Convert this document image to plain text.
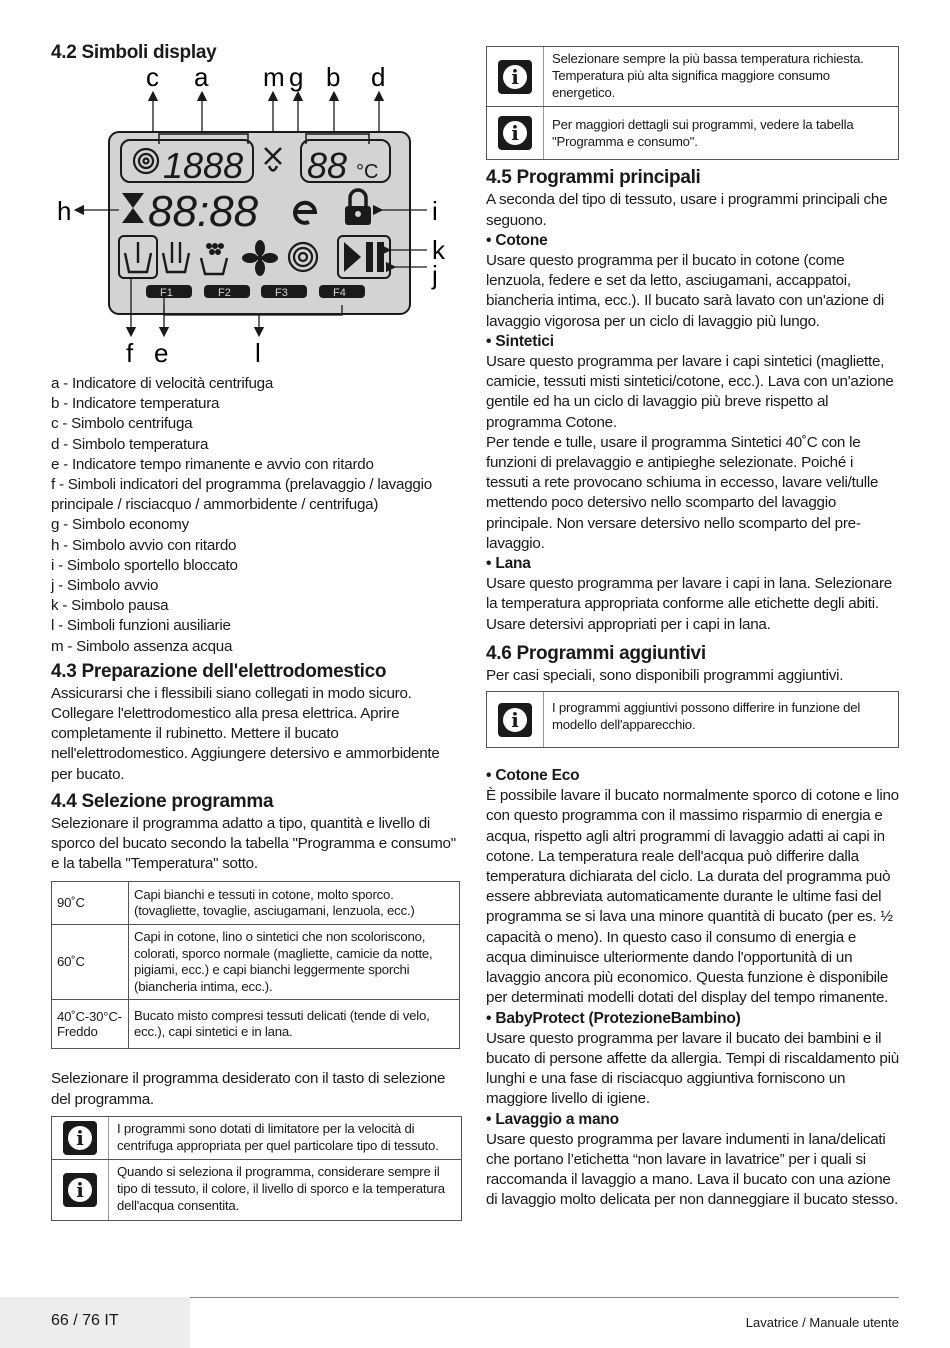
4.2 Simboli display
c a m g b d
1888 88 °C
88:88
F1	F2	F3	F4
h	i
k
j
f e	l

a - Indicatore di velocità centrifuga

b - Indicatore temperatura

c - Simbolo centrifuga

d - Simbolo temperatura

e - Indicatore tempo rimanente e avvio con ritardo

f - Simboli indicatori del programma (prelavaggio / lavaggio principale / risciacquo / ammorbidente / centrifuga)

g - Simbolo economy

h - Simbolo avvio con ritardo

i - Simbolo sportello bloccato

j - Simbolo avvio

k - Simbolo pausa

l - Simboli funzioni ausiliarie

m - Simbolo assenza acqua

4.3 Preparazione dell'elettrodomestico

Assicurarsi che i flessibili siano collegati in modo sicuro. Collegare l'elettrodomestico alla presa elettrica. Aprire completamente il rubinetto. Mettere il bucato nell'elettrodomestico. Aggiungere detersivo e ammorbidente per bucato.

4.4 Selezione programma

Selezionare il programma adatto a tipo, quantità e livello di sporco del bucato secondo la tabella "Programma e consumo" e la tabella "Temperatura" sotto.

90˚C	Capi bianchi e tessuti in cotone, molto sporco. (tovagliette, tovaglie, asciugamani, lenzuola, ecc.)
60˚C	Capi in cotone, lino o sintetici che non scoloriscono, colorati, sporco normale (magliette, camicie da notte, pigiami, ecc.) e capi bianchi leggermente sporchi (biancheria intima, ecc.).
40˚C-30°C-Freddo	Bucato misto compresi tessuti delicati (tende di velo, ecc.), capi sintetici e in lana.

Selezionare il programma desiderato con il tasto di selezione del programma.

i	I programmi sono dotati di limitatore per la velocità di centrifuga appropriata per quel particolare tipo di tessuto.
i
Quando si seleziona il programma, considerare sempre il tipo di tessuto, il colore, il livello di sporco e la temperatura dell'acqua consentita.
i
Selezionare sempre la più bassa temperatura richiesta. Temperatura più alta significa maggiore consumo energetico.
i	Per maggiori dettagli sui programmi, vedere la tabella "Programma e consumo".
4.5 Programmi principali

A seconda del tipo di tessuto, usare i programmi principali che seguono.

• Cotone

Usare questo programma per il bucato in cotone (come lenzuola, federe e set da letto, asciugamani, accappatoi, biancheria intima, ecc.). Il bucato sarà lavato con un'azione di lavaggio vigorosa per un ciclo di lavaggio più lungo.

• Sintetici

Usare questo programma per lavare i capi sintetici (magliette, camicie, tessuti misti sintetici/cotone, ecc.). Lava con un'azione gentile ed ha un ciclo di lavaggio più breve rispetto al programma Cotone.

Per tende e tulle, usare il programma Sintetici 40˚C con le funzioni di prelavaggio e antipieghe selezionate. Poiché i tessuti a rete provocano schiuma in eccesso, lavare veli/tulle mettendo poco detersivo nello scomparto del lavaggio principale. Non versare detersivo nello scomparto del pre-lavaggio.

• Lana

Usare questo programma per lavare i capi in lana. Selezionare la temperatura appropriata conforme alle etichette degli abiti. Usare detersivi appropriati per i capi in lana.

4.6 Programmi aggiuntivi

Per casi speciali, sono disponibili programmi aggiuntivi.

i	I programmi aggiuntivi possono differire in funzione del modello dell'apparecchio.

• Cotone Eco

È possibile lavare il bucato normalmente sporco di cotone e lino con questo programma con il massimo risparmio di energia e acqua, rispetto agli altri programmi di lavaggio adatti ai capi in cotone. La temperatura reale dell'acqua può differire dalla temperatura dichiarata del ciclo. La durata del programma può essere abbreviata automaticamente durante le ultime fasi del programma se si lava una minore quantità di bucato (per es. ½ capacità o meno). In questo caso il consumo di energia e acqua diminuisce ulteriormente dando l'opportunità di un lavaggio ancora più economico. Questa funzione è disponibile per determinati modelli dotati del display del tempo rimanente.

• BabyProtect (ProtezioneBambino)

Usare questo programma per lavare il bucato dei bambini e il bucato di persone affette da allergia. Tempi di riscaldamento più lunghi e una fase di risciacquo aggiuntiva forniscono un maggiore livello di igiene.

• Lavaggio a mano

Usare questo programma per lavare indumenti in lana/delicati che portano l’etichetta “non lavare in lavatrice” per i quali si raccomanda il lavaggio a mano. Lava il bucato con una azione di lavaggio molto delicata per non danneggiare il bucato stesso.

66 / 76 IT	Lavatrice / Manuale utente
